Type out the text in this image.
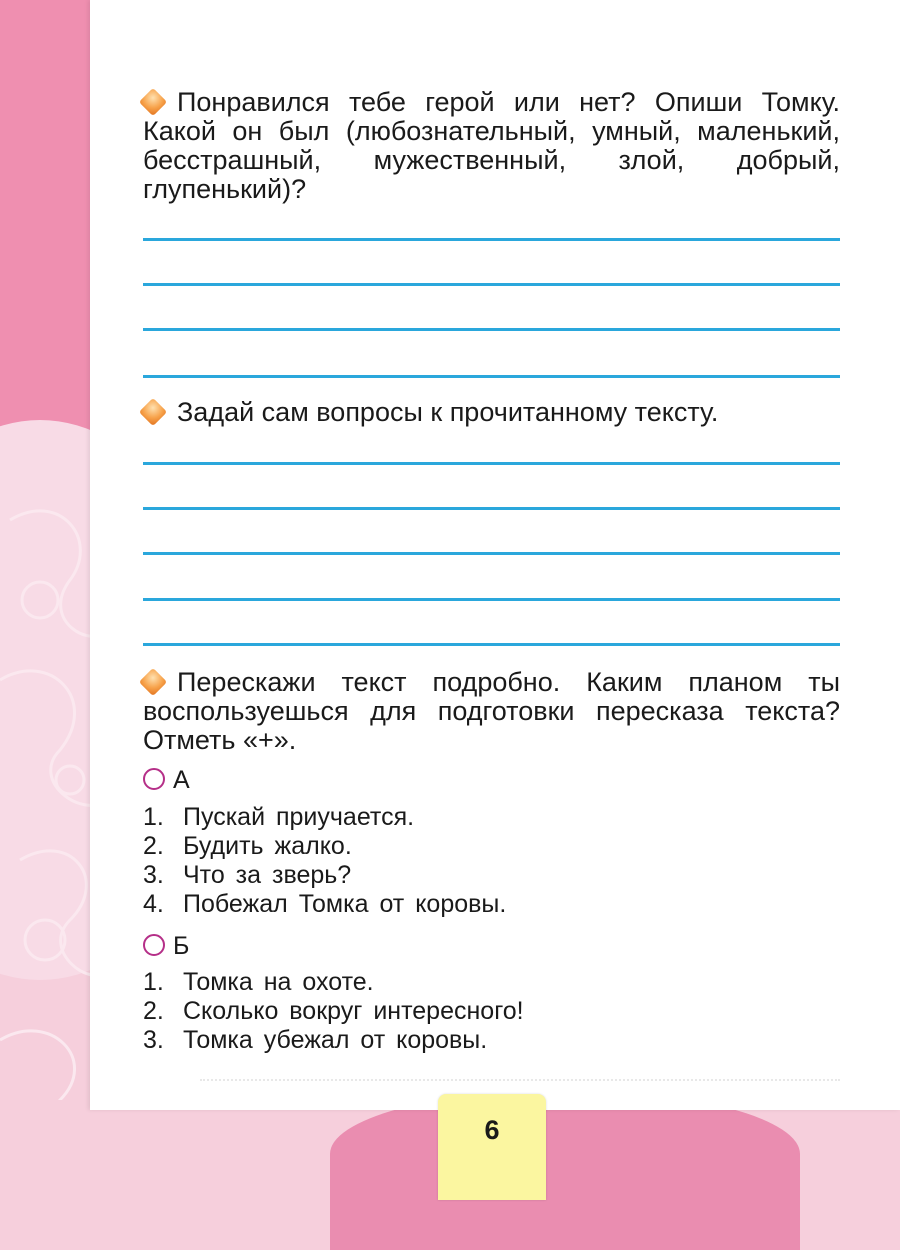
Понравился тебе герой или нет? Опиши Томку. Какой он был (любознательный, умный, маленький, бесстрашный, мужественный, злой, добрый, глупенький)?
Задай сам вопросы к прочитанному тексту.
Перескажи текст подробно. Каким планом ты воспользуешься для подготовки пересказа текста? Отметь «+».
А
1. Пускай приучается.
2. Будить жалко.
3. Что за зверь?
4. Побежал Томка от коровы.
Б
1. Томка на охоте.
2. Сколько вокруг интересного!
3. Томка убежал от коровы.
6
